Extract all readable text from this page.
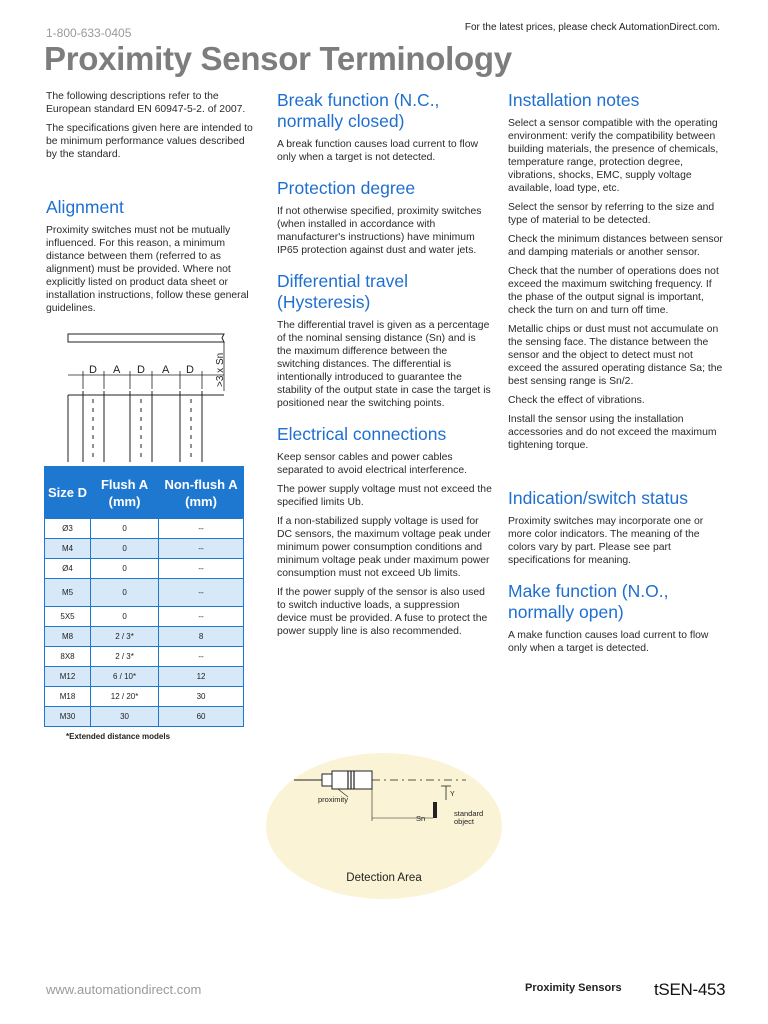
1-800-633-0405	For the latest prices, please check AutomationDirect.com.
Proximity Sensor Terminology

The following descriptions refer to the European standard EN 60947-5-2. of 2007.

The specifications given here are intended to be minimum performance values described by the standard.

Alignment

Proximity switches must not be mutually influenced. For this reason, a minimum distance between them (referred to as alignment) must be provided. Where not explicitly listed on product data sheet or installation instructions, follow these general guidelines.

D A D A D >3 x Sn
Size D	Flush A (mm)	Non-flush A (mm)
Ø3	0	--
M4	0	--
Ø4	0	--
M5	0	--
5X5	0	--
M8	2 / 3*	8
8X8	2 / 3*	--
M12	6 / 10*	12
M18	12 / 20*	30
M30	30	60
*Extended distance models
Break function (N.C., normally closed)

A break function causes load current to flow only when a target is not detected.

Protection degree

If not otherwise specified, proximity switches (when installed in accordance with manufacturer's instructions) have minimum IP65 protection against dust and water jets.

Differential travel (Hysteresis)

The differential travel is given as a percentage of the nominal sensing distance (Sn) and is the maximum difference between the switching distances. The differential is intentionally introduced to guarantee the stability of the output state in case the target is positioned near the switching points.

Electrical connections

Keep sensor cables and power cables separated to avoid electrical interference.

The power supply voltage must not exceed the specified limits Ub.

If a non-stabilized supply voltage is used for DC sensors, the maximum voltage peak under minimum power consumption conditions and minimum voltage peak under maximum power consumption must not exceed Ub limits.

If the power supply of the sensor is also used to switch inductive loads, a suppression device must be provided. A fuse to protect the power supply line is also recommended.

Installation notes

Select a sensor compatible with the operating environment: verify the compatibility between building materials, the presence of chemicals, temperature range, protection degree, vibrations, shocks, EMC, supply voltage available, load type, etc.

Select the sensor by referring to the size and type of material to be detected.

Check the minimum distances between sensor and damping materials or another sensor.

Check that the number of operations does not exceed the maximum switching frequency. If the phase of the output signal is important, check the turn on and turn off time.

Metallic chips or dust must not accumulate on the sensing face. The distance between the sensor and the object to detect must not exceed the assured operating distance Sa; the best sensing range is Sn/2.

Check the effect of vibrations.

Install the sensor using the installation accessories and do not exceed the maximum tightening torque.

Indication/switch status

Proximity switches may incorporate one or more color indicators. The meaning of the colors vary by part. Please see part specifications for meaning.

Make function (N.O., normally open)

A make function causes load current to flow only when a target is detected.

proximity
Y
standard
object
Sn
Detection Area
www.automationdirect.com	Proximity Sensors tSEN-453
